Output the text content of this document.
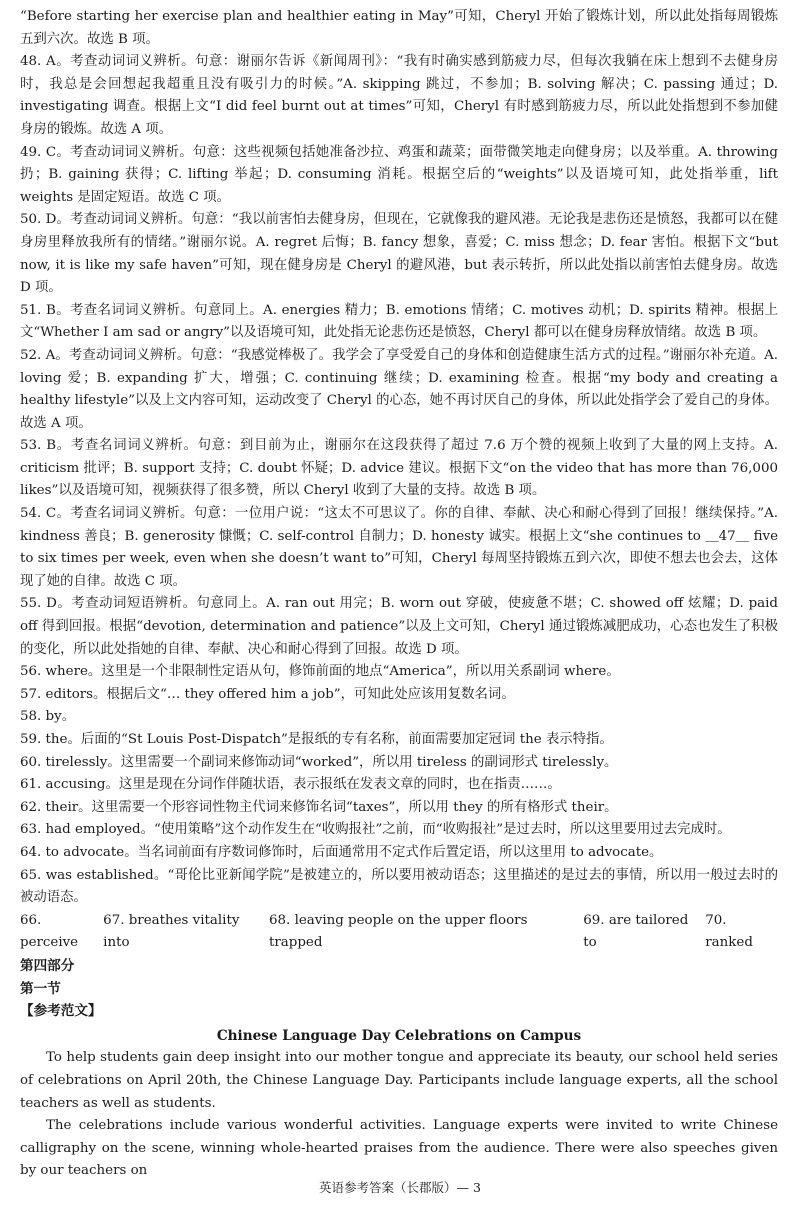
“Before starting her exercise plan and healthier eating in May”可知，Cheryl 开始了锻炼计划，所以此处指每周锻炼五到六次。故选 B 项。

48. A。考查动词词义辨析。句意：谢丽尔告诉《新闻周刊》：“我有时确实感到筋疲力尽，但每次我躺在床上想到不去健身房时，我总是会回想起我超重且没有吸引力的时候。”A. skipping 跳过，不参加；B. solving 解决；C. passing 通过；D. investigating 调查。根据上文“I did feel burnt out at times”可知，Cheryl 有时感到筋疲力尽，所以此处指想到不参加健身房的锻炼。故选 A 项。

49. C。考查动词词义辨析。句意：这些视频包括她准备沙拉、鸡蛋和蔬菜；面带微笑地走向健身房；以及举重。A. throwing 扔；B. gaining 获得；C. lifting 举起；D. consuming 消耗。根据空后的“weights”以及语境可知，此处指举重，lift weights 是固定短语。故选 C 项。

50. D。考查动词词义辨析。句意：“我以前害怕去健身房，但现在，它就像我的避风港。无论我是悲伤还是愤怒，我都可以在健身房里释放我所有的情绪。”谢丽尔说。A. regret 后悔；B. fancy 想象，喜爱；C. miss 想念；D. fear 害怕。根据下文“but now, it is like my safe haven”可知，现在健身房是 Cheryl 的避风港，but 表示转折，所以此处指以前害怕去健身房。故选 D 项。

51. B。考查名词词义辨析。句意同上。A. energies 精力；B. emotions 情绪；C. motives 动机；D. spirits 精神。根据上文“Whether I am sad or angry”以及语境可知，此处指无论悲伤还是愤怒，Cheryl 都可以在健身房释放情绪。故选 B 项。

52. A。考查动词词义辨析。句意：“我感觉棒极了。我学会了享受爱自己的身体和创造健康生活方式的过程。”谢丽尔补充道。A. loving 爱；B. expanding 扩大，增强；C. continuing 继续；D. examining 检查。根据“my body and creating a healthy lifestyle”以及上文内容可知，运动改变了 Cheryl 的心态，她不再讨厌自己的身体，所以此处指学会了爱自己的身体。故选 A 项。

53. B。考查名词词义辨析。句意：到目前为止，谢丽尔在这段获得了超过 7.6 万个赞的视频上收到了大量的网上支持。A. criticism 批评；B. support 支持；C. doubt 怀疑；D. advice 建议。根据下文“on the video that has more than 76,000 likes”以及语境可知，视频获得了很多赞，所以 Cheryl 收到了大量的支持。故选 B 项。

54. C。考查名词词义辨析。句意：一位用户说：“这太不可思议了。你的自律、奉献、决心和耐心得到了回报！继续保持。”A. kindness 善良；B. generosity 慷慨；C. self-control 自制力；D. honesty 诚实。根据上文“she continues to ＿47＿ five to six times per week, even when she doesn’t want to”可知，Cheryl 每周坚持锻炼五到六次，即使不想去也会去，这体现了她的自律。故选 C 项。

55. D。考查动词短语辨析。句意同上。A. ran out 用完；B. worn out 穿破，使疲惫不堪；C. showed off 炫耀；D. paid off 得到回报。根据“devotion, determination and patience”以及上文可知，Cheryl 通过锻炼减肥成功，心态也发生了积极的变化，所以此处指她的自律、奉献、决心和耐心得到了回报。故选 D 项。

56. where。这里是一个非限制性定语从句，修饰前面的地点“America”，所以用关系副词 where。

57. editors。根据后文“… they offered him a job”，可知此处应该用复数名词。

58. by。

59. the。后面的“St Louis Post-Dispatch”是报纸的专有名称，前面需要加定冠词 the 表示特指。

60. tirelessly。这里需要一个副词来修饰动词“worked”，所以用 tireless 的副词形式 tirelessly。

61. accusing。这里是现在分词作伴随状语，表示报纸在发表文章的同时，也在指责……。

62. their。这里需要一个形容词性物主代词来修饰名词“taxes”，所以用 they 的所有格形式 their。

63. had employed。“使用策略”这个动作发生在“收购报社”之前，而“收购报社”是过去时，所以这里要用过去完成时。

64. to advocate。当名词前面有序数词修饰时，后面通常用不定式作后置定语，所以这里用 to advocate。

65. was established。“哥伦比亚新闻学院”是被建立的，所以要用被动语态；这里描述的是过去的事情，所以用一般过去时的被动语态。

66. perceive
67. breathes vitality into
68. leaving people on the upper floors trapped
69. are tailored to
70. ranked

第四部分

第一节

【参考范文】

Chinese Language Day Celebrations on Campus

To help students gain deep insight into our mother tongue and appreciate its beauty, our school held series of celebrations on April 20th, the Chinese Language Day. Participants include language experts, all the school teachers as well as students.

The celebrations include various wonderful activities. Language experts were invited to write Chinese calligraphy on the scene, winning whole-hearted praises from the audience. There were also speeches given by our teachers on

英语参考答案（长郡版）— 3
